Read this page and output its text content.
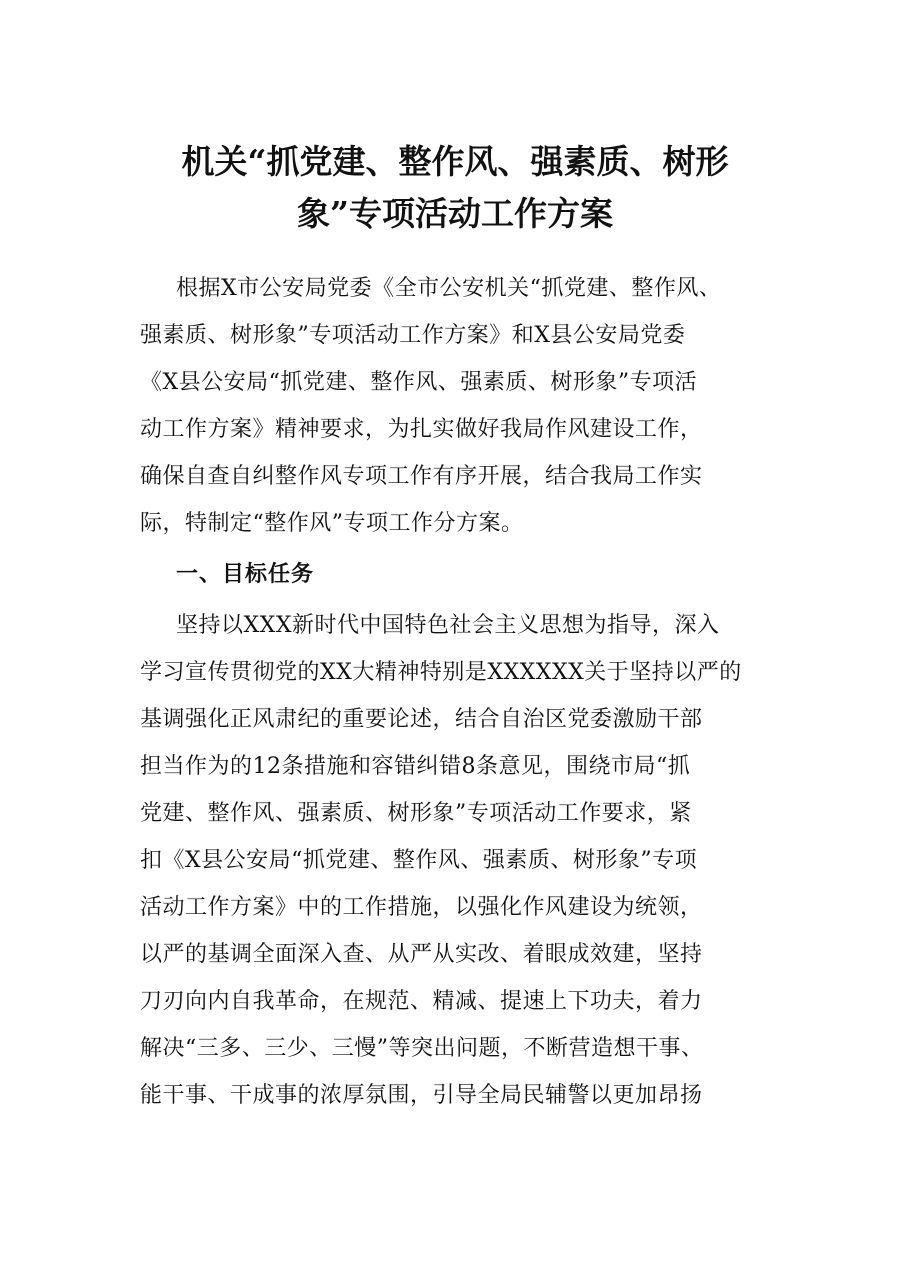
机关“抓党建、整作风、强素质、树形
象”专项活动工作方案
根据X市公安局党委《全市公安机关“抓党建、整作风、
强素质、树形象”专项活动工作方案》和X县公安局党委
《X县公安局“抓党建、整作风、强素质、树形象”专项活
动工作方案》精神要求，为扎实做好我局作风建设工作，
确保自查自纠整作风专项工作有序开展，结合我局工作实
际，特制定“整作风”专项工作分方案。
一、目标任务
坚持以XXX新时代中国特色社会主义思想为指导，深入
学习宣传贯彻党的XX大精神特别是XXXXXX关于坚持以严的
基调强化正风肃纪的重要论述，结合自治区党委激励干部
担当作为的12条措施和容错纠错8条意见，围绕市局“抓
党建、整作风、强素质、树形象”专项活动工作要求，紧
扣《X县公安局“抓党建、整作风、强素质、树形象”专项
活动工作方案》中的工作措施，以强化作风建设为统领，
以严的基调全面深入查、从严从实改、着眼成效建，坚持
刀刃向内自我革命，在规范、精减、提速上下功夫，着力
解决“三多、三少、三慢”等突出问题，不断营造想干事、
能干事、干成事的浓厚氛围，引导全局民辅警以更加昂扬
